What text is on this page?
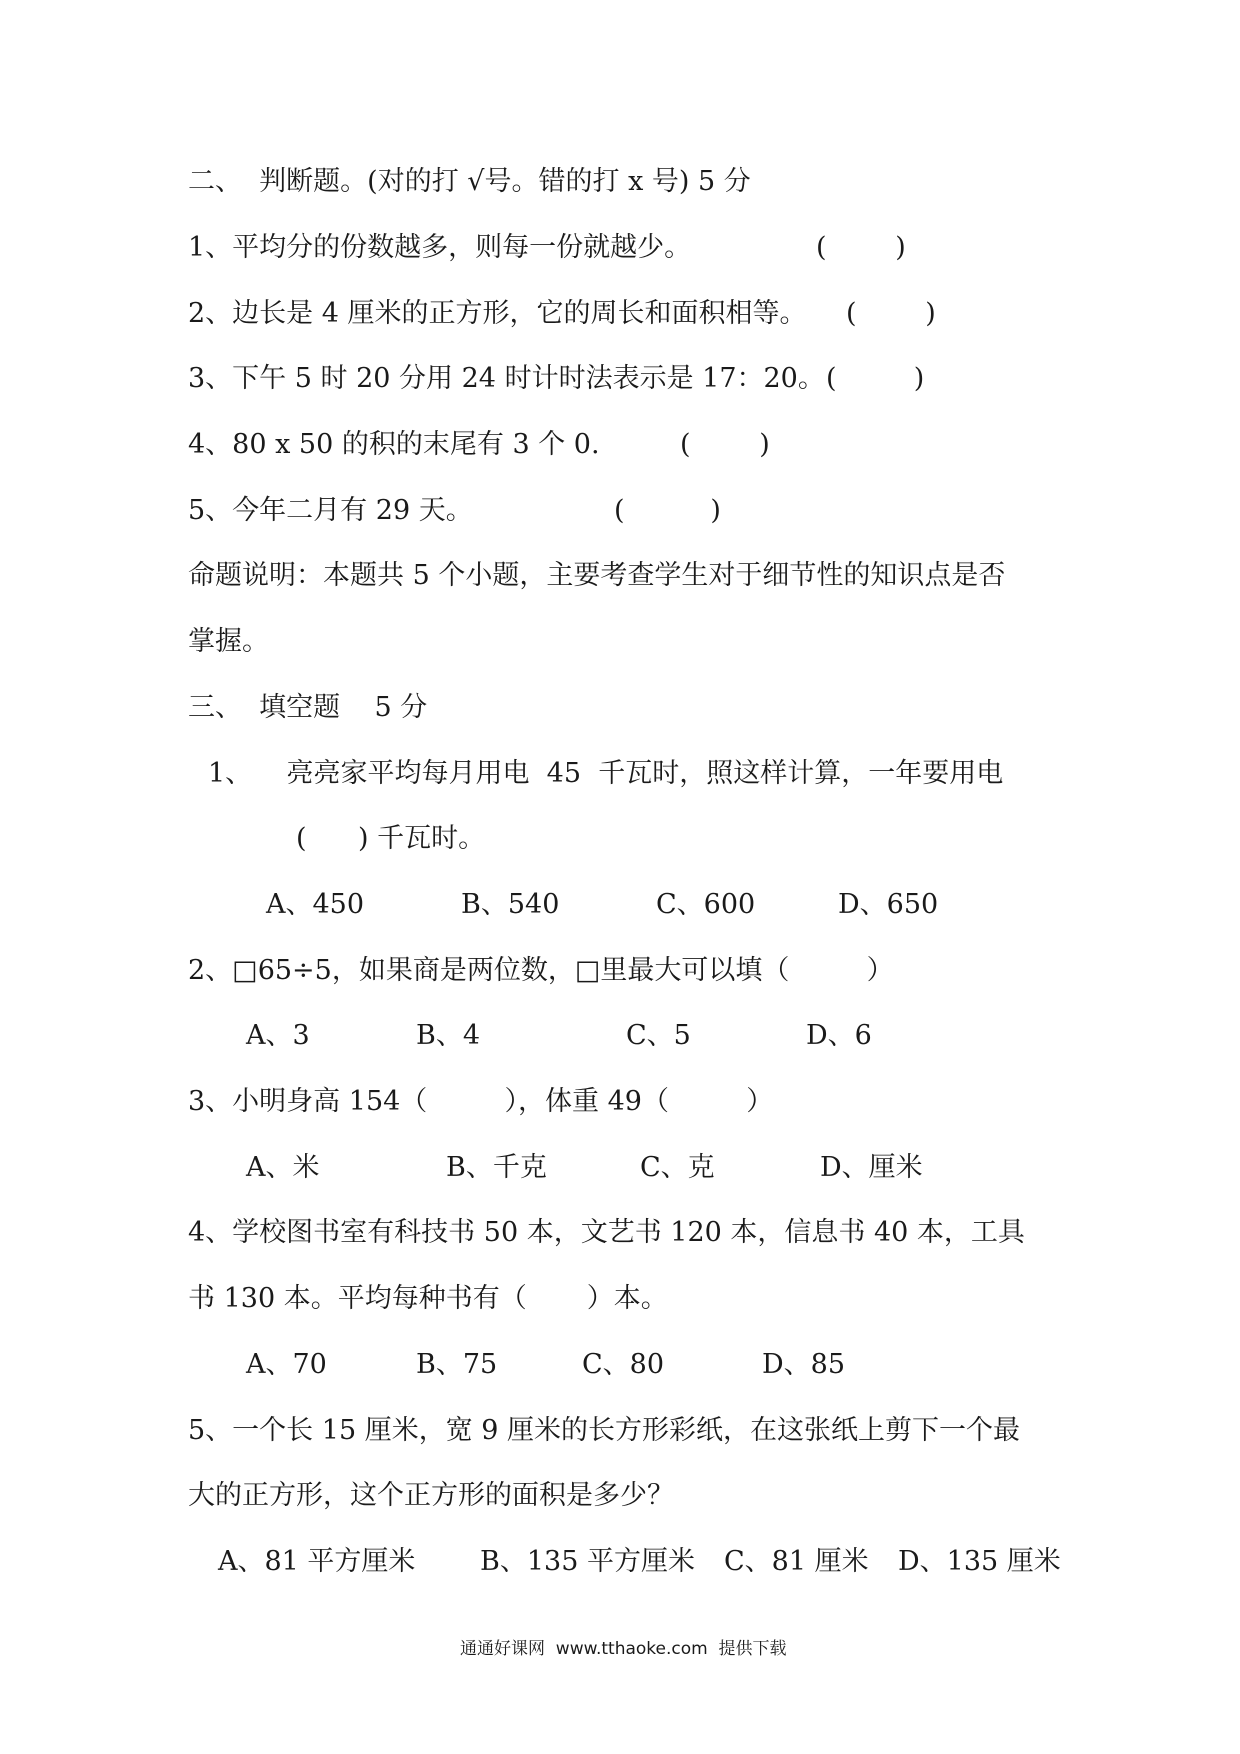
二、  判断题。(对的打 √号。错的打 x 号) 5 分
1、平均分的份数越多，则每一份就越少。	(        )
2、边长是 4 厘米的正方形，它的周长和面积相等。 (        )
3、下午 5 时 20 分用 24 时计时法表示是 17：20。 (         )
4、80 x 50 的积的末尾有 3 个 0.	(        )
5、今年二月有 29 天。	(          )
命题说明：本题共 5 个小题，主要考查学生对于细节性的知识点是否
掌握。
三、  填空题    5 分
1、    亮亮家平均每月用电  45  千瓦时，照这样计算，一年要用电
(      ) 千瓦时。
A、450	B、540	C、600	D、650
2、□65÷5，如果商是两位数，□里最大可以填（         ）
A、3	B、4	C、5	D、6
3、小明身高 154（         ），体重 49（         ）
A、米	B、千克	C、克	D、厘米
4、学校图书室有科技书 50 本，文艺书 120 本，信息书 40 本，工具
书 130 本。平均每种书有（       ）本。
A、70	B、75	C、80	D、85
5、一个长 15 厘米，宽 9 厘米的长方形彩纸，在这张纸上剪下一个最
大的正方形，这个正方形的面积是多少？
A、81 平方厘米 B、135 平方厘米 C、81 厘米 D、135 厘米
通通好课网  www.tthaoke.com  提供下载
